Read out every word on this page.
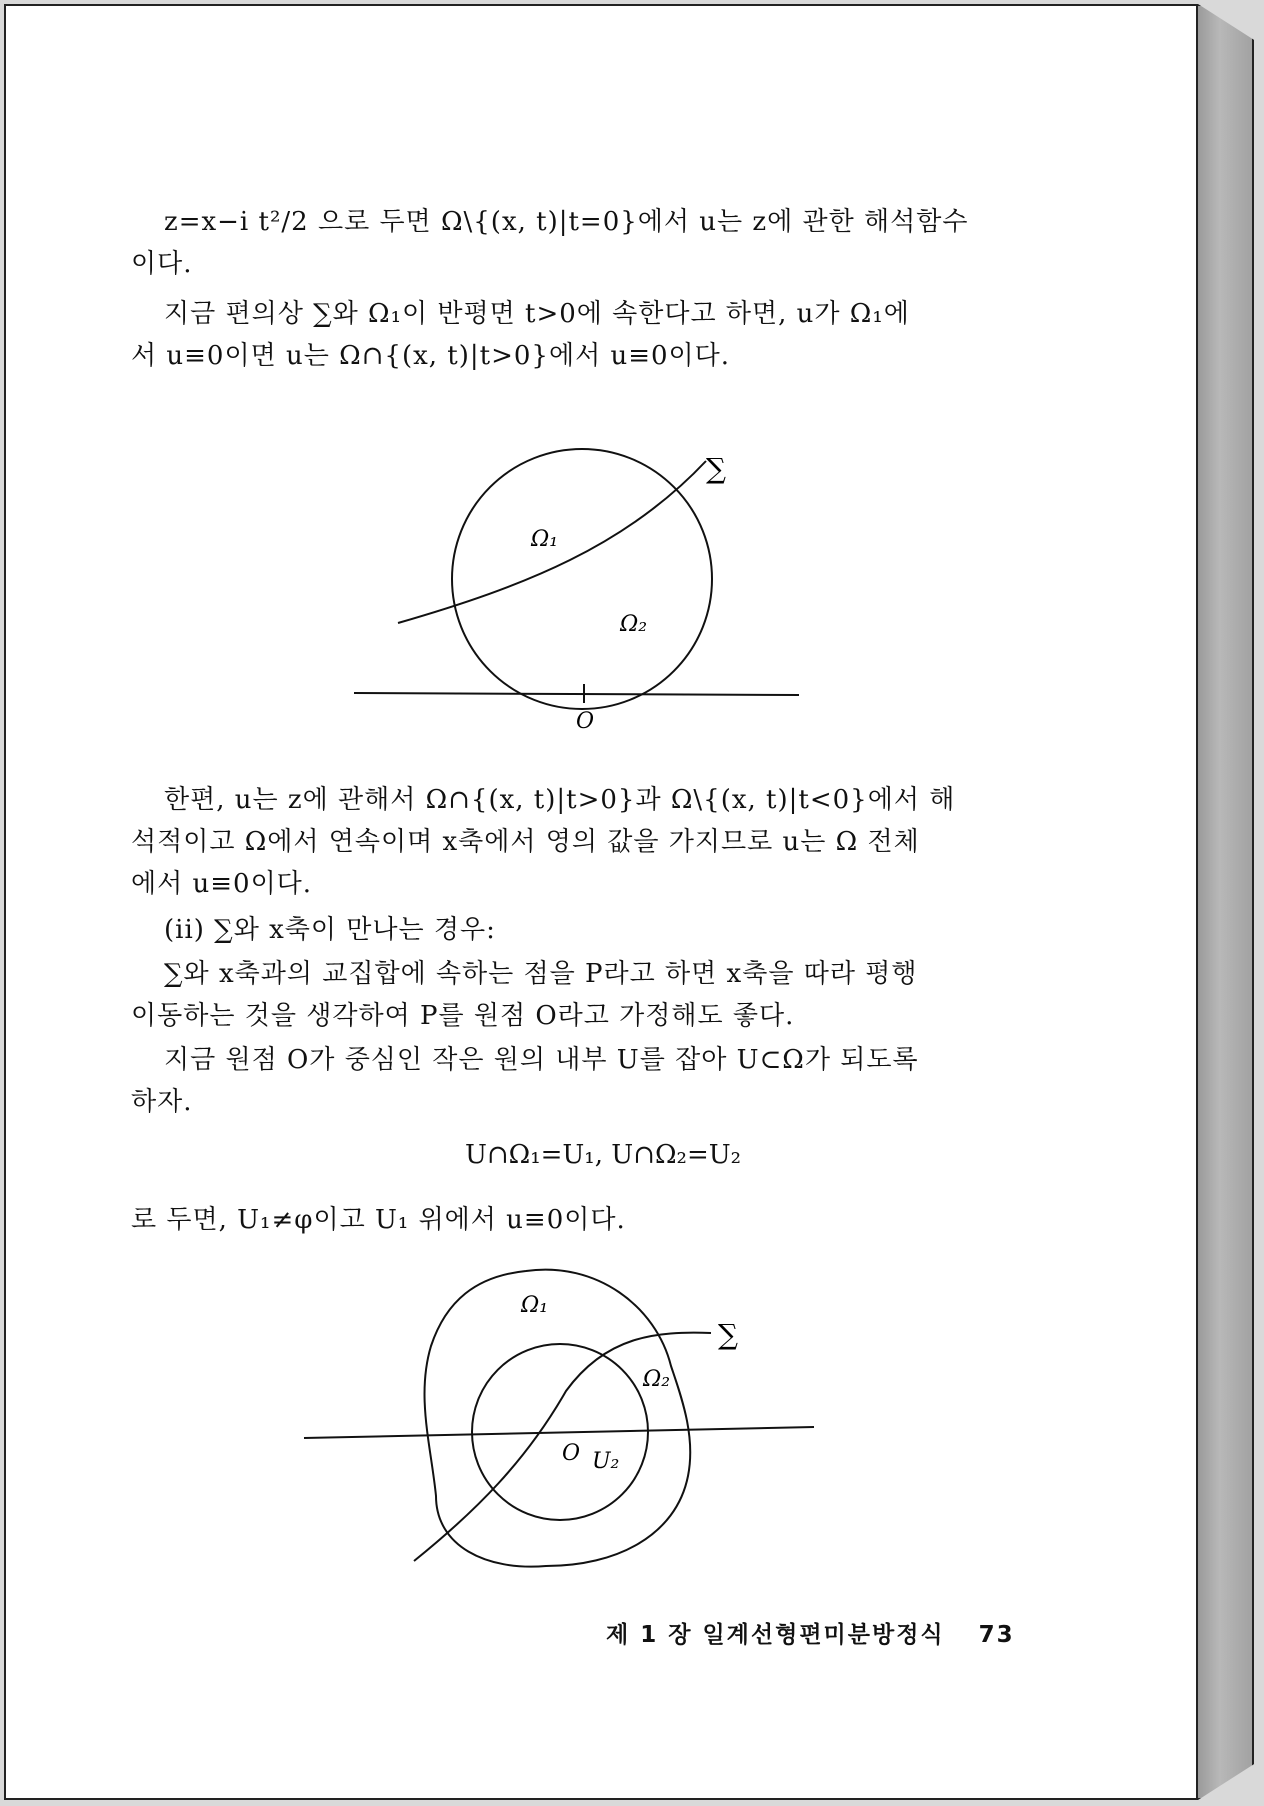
z=x−i t²/2 으로 두면 Ω\{(x, t)|t=0}에서 u는 z에 관한 해석함수
이다.
지금 편의상 ∑와 Ω₁이 반평면 t>0에 속한다고 하면, u가 Ω₁에
서 u≡0이면 u는 Ω∩{(x, t)|t>0}에서 u≡0이다.
∑
Ω₁
Ω₂
O
한편, u는 z에 관해서 Ω∩{(x, t)|t>0}과 Ω\{(x, t)|t<0}에서 해
석적이고 Ω에서 연속이며 x축에서 영의 값을 가지므로 u는 Ω 전체
에서 u≡0이다.
(ii) ∑와 x축이 만나는 경우:
∑와 x축과의 교집합에 속하는 점을 P라고 하면 x축을 따라 평행
이동하는 것을 생각하여 P를 원점 O라고 가정해도 좋다.
지금 원점 O가 중심인 작은 원의 내부 U를 잡아 U⊂Ω가 되도록
하자.
U∩Ω₁=U₁, U∩Ω₂=U₂
로 두면, U₁≠φ이고 U₁ 위에서 u≡0이다.
∑
Ω₁
Ω₂
O U₂
제 1 장 일계선형편미분방정식 73
